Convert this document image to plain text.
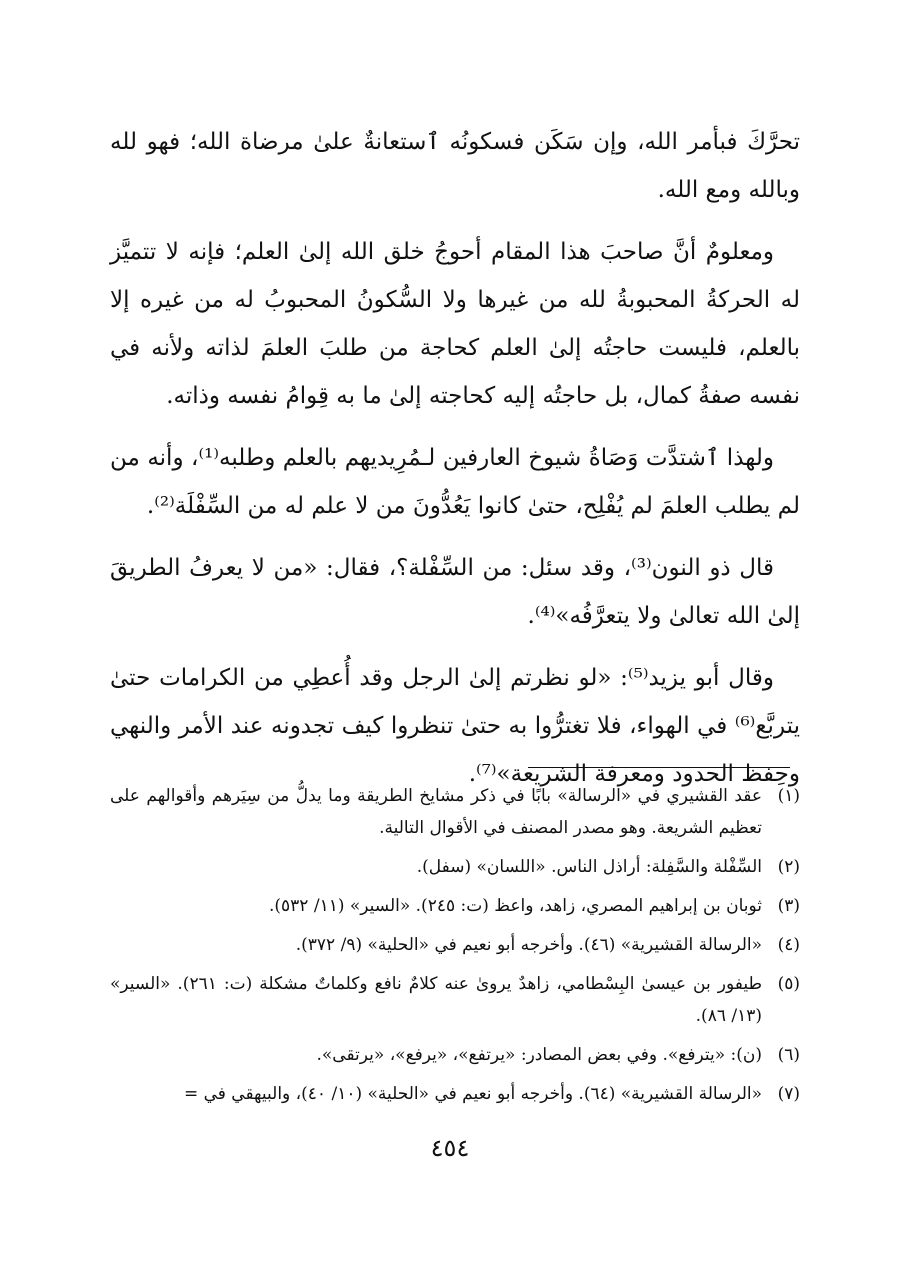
تحرَّكَ فبأمر الله، وإن سَكَن فسكونُه ٱستعانةٌ علىٰ مرضاة الله؛ فهو لله وبالله ومع الله.

ومعلومٌ أنَّ صاحبَ هذا المقام أحوجُ خلق الله إلىٰ العلم؛ فإنه لا تتميَّز له الحركةُ المحبوبةُ لله من غيرها ولا السُّكونُ المحبوبُ له من غيره إلا بالعلم، فليست حاجتُه إلىٰ العلم كحاجة من طلبَ العلمَ لذاته ولأنه في نفسه صفةُ كمال، بل حاجتُه إليه كحاجته إلىٰ ما به قِوامُ نفسه وذاته.

ولهذا ٱشتدَّت وَصَاةُ شيوخ العارفين لـمُرِيديهم بالعلم وطلبه⁽¹⁾، وأنه من لم يطلب العلمَ لم يُفْلِح، حتىٰ كانوا يَعُدُّونَ من لا علم له من السِّفْلَة⁽²⁾.

قال ذو النون⁽³⁾، وقد سئل: من السِّفْلة؟، فقال: «من لا يعرفُ الطريقَ إلىٰ الله تعالىٰ ولا يتعرَّفُه»⁽⁴⁾.

وقال أبو يزيد⁽⁵⁾: «لو نظرتم إلىٰ الرجل وقد أُعطِي من الكرامات حتىٰ يتربَّع⁽⁶⁾ في الهواء، فلا تغترُّوا به حتىٰ تنظروا كيف تجدونه عند الأمر والنهي وحِفظ الحدود ومعرفة الشريعة»⁽⁷⁾.

(١)
عقد القشيري في «الرسالة» بابًا في ذكر مشايخ الطريقة وما يدلُّ من سِيَرهم وأقوالهم على تعظيم الشريعة. وهو مصدر المصنف في الأقوال التالية.
(٢)
السِّفْلة والسَّفِلة: أراذل الناس. «اللسان» (سفل).
(٣)
ثوبان بن إبراهيم المصري، زاهد، واعظ (ت: ٢٤٥). «السير» (١١/ ٥٣٢).
(٤)
«الرسالة القشيرية» (٤٦). وأخرجه أبو نعيم في «الحلية» (٩/ ٣٧٢).
(٥)
طيفور بن عيسىٰ البِسْطامي، زاهدٌ يروىٰ عنه كلامٌ نافع وكلماتٌ مشكلة (ت: ٢٦١). «السير» (١٣/ ٨٦).
(٦)
(ن): «يترفع». وفي بعض المصادر: «يرتفع»، «يرفع»، «يرتقى».
(٧)
«الرسالة القشيرية» (٦٤). وأخرجه أبو نعيم في «الحلية» (١٠/ ٤٠)، والبيهقي في =
٤٥٤
